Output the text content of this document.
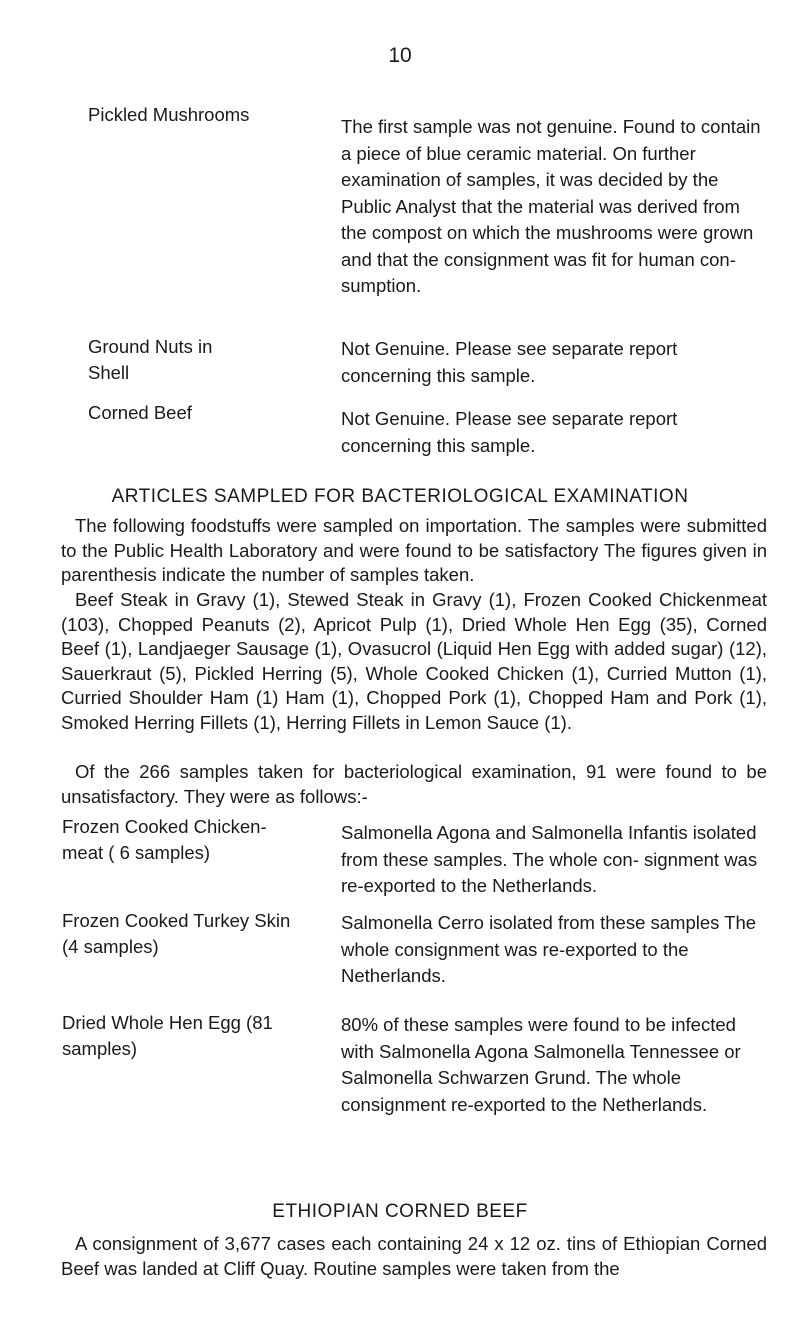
10
Pickled Mushrooms
The first sample was not genuine. Found to contain a piece of blue ceramic material. On further examination of samples, it was decided by the Public Analyst that the material was derived from the compost on which the mushrooms were grown and that the consignment was fit for human con- sumption.
Ground Nuts in Shell
Not Genuine. Please see separate report concerning this sample.
Corned Beef	Not Genuine. Please see separate report concerning this sample.
ARTICLES SAMPLED FOR BACTERIOLOGICAL EXAMINATION
The following foodstuffs were sampled on importation. The samples were submitted to the Public Health Laboratory and were found to be satisfactory The figures given in parenthesis indicate the number of samples taken.
Beef Steak in Gravy (1), Stewed Steak in Gravy (1), Frozen Cooked Chickenmeat (103), Chopped Peanuts (2), Apricot Pulp (1), Dried Whole Hen Egg (35), Corned Beef (1), Landjaeger Sausage (1), Ovasucrol (Liquid Hen Egg with added sugar) (12), Sauerkraut (5), Pickled Herring (5), Whole Cooked Chicken (1), Curried Mutton (1), Curried Shoulder Ham (1) Ham (1), Chopped Pork (1), Chopped Ham and Pork (1), Smoked Herring Fillets (1), Herring Fillets in Lemon Sauce (1).
Of the 266 samples taken for bacteriological examination, 91 were found to be unsatisfactory. They were as follows:-
Frozen Cooked Chicken- meat ( 6 samples)
Salmonella Agona and Salmonella Infantis isolated from these samples. The whole con- signment was re-exported to the Netherlands.
Frozen Cooked Turkey Skin (4 samples)
Salmonella Cerro isolated from these samples The whole consignment was re-exported to the Netherlands.
Dried Whole Hen Egg (81 samples)
80% of these samples were found to be infected with Salmonella Agona Salmonella Tennessee or Salmonella Schwarzen Grund. The whole consignment re-exported to the Netherlands.
ETHIOPIAN CORNED BEEF
A consignment of 3,677 cases each containing 24 x 12 oz. tins of Ethiopian Corned Beef was landed at Cliff Quay. Routine samples were taken from the
